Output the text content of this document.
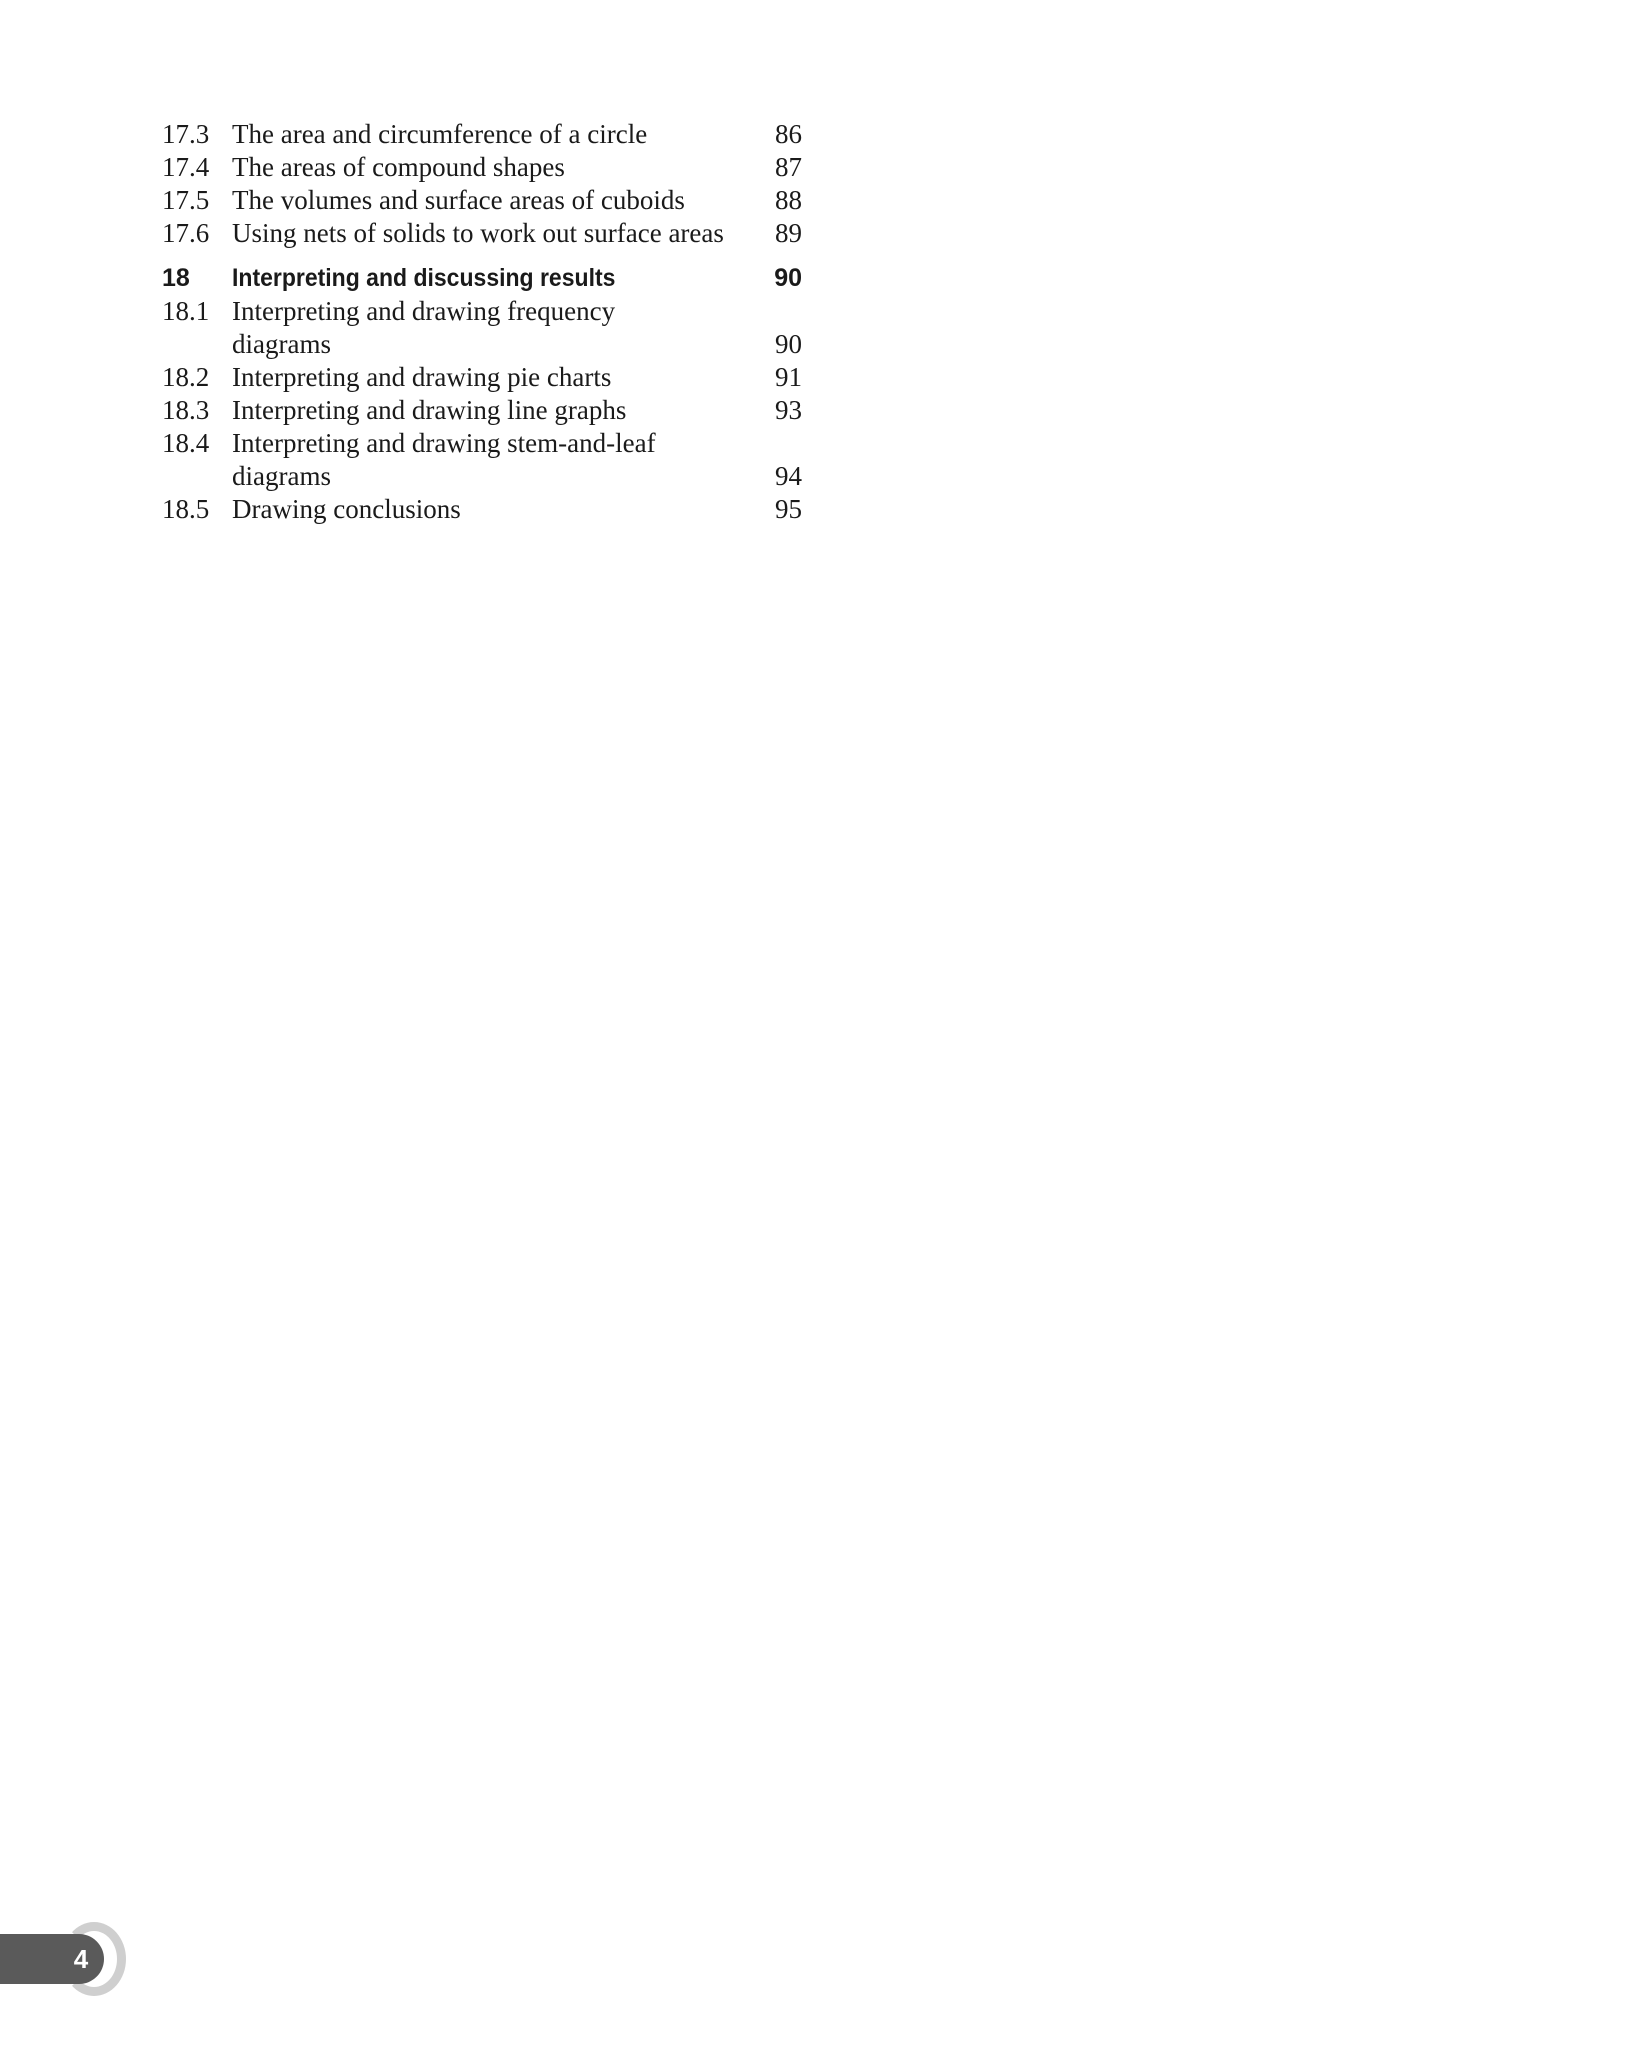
17.3 The area and circumference of a circle	86
17.4 The areas of compound shapes	87
17.5 The volumes and surface areas of cuboids	88
17.6 Using nets of solids to work out surface areas	89
18	Interpreting and discussing results	90
18.1 Interpreting and drawing frequency
diagrams	90
18.2 Interpreting and drawing pie charts	91
18.3 Interpreting and drawing line graphs	93
18.4 Interpreting and drawing stem-and-leaf
diagrams	94
18.5 Drawing conclusions	95
4
